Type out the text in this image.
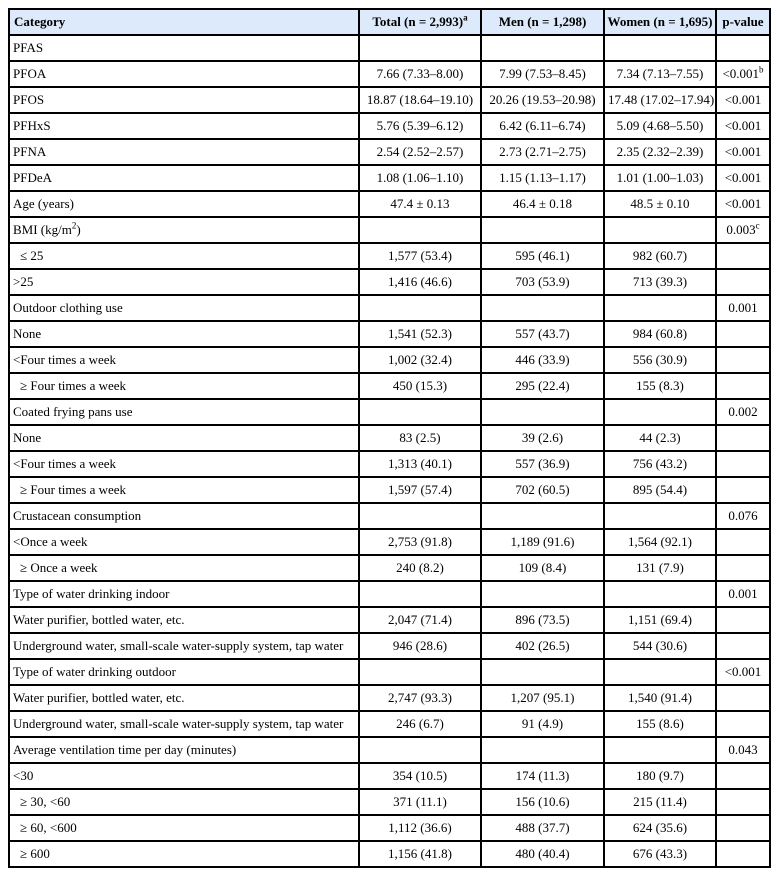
Category	Total (n = 2,993)$^a$	Men (n = 1,298)	Women (n = 1,695)	p-value
PFAS				
PFOA	7.66 (7.33–8.00)	7.99 (7.53–8.45)	7.34 (7.13–7.55)	<0.001$^b$
PFOS	18.87 (18.64–19.10)	20.26 (19.53–20.98)	17.48 (17.02–17.94)	<0.001
PFHxS	5.76 (5.39–6.12)	6.42 (6.11–6.74)	5.09 (4.68–5.50)	<0.001
PFNA	2.54 (2.52–2.57)	2.73 (2.71–2.75)	2.35 (2.32–2.39)	<0.001
PFDeA	1.08 (1.06–1.10)	1.15 (1.13–1.17)	1.01 (1.00–1.03)	<0.001
Age (years)	47.4 ± 0.13	46.4 ± 0.18	48.5 ± 0.10	<0.001
BMI $(kg/m^2)$				0.003$^c$
≤ 25	1,577 (53.4)	595 (46.1)	982 (60.7)	
>25	1,416 (46.6)	703 (53.9)	713 (39.3)	
Outdoor clothing use				0.001
None	1,541 (52.3)	557 (43.7)	984 (60.8)	
<Four times a week	1,002 (32.4)	446 (33.9)	556 (30.9)	
≥ Four times a week	450 (15.3)	295 (22.4)	155 (8.3)	
Coated frying pans use				0.002
None	83 (2.5)	39 (2.6)	44 (2.3)	
<Four times a week	1,313 (40.1)	557 (36.9)	756 (43.2)	
≥ Four times a week	1,597 (57.4)	702 (60.5)	895 (54.4)	
Crustacean consumption				0.076
<Once a week	2,753 (91.8)	1,189 (91.6)	1,564 (92.1)	
≥ Once a week	240 (8.2)	109 (8.4)	131 (7.9)	
Type of water drinking indoor				0.001
Water purifier, bottled water, etc.	2,047 (71.4)	896 (73.5)	1,151 (69.4)	
Underground water, small-scale water-supply system, tap water	946 (28.6)	402 (26.5)	544 (30.6)	
Type of water drinking outdoor				<0.001
Water purifier, bottled water, etc.	2,747 (93.3)	1,207 (95.1)	1,540 (91.4)	
Underground water, small-scale water-supply system, tap water	246 (6.7)	91 (4.9)	155 (8.6)	
Average ventilation time per day (minutes)				0.043
<30	354 (10.5)	174 (11.3)	180 (9.7)	
≥ 30, <60	371 (11.1)	156 (10.6)	215 (11.4)	
≥ 60, <600	1,112 (36.6)	488 (37.7)	624 (35.6)	
≥ 600	1,156 (41.8)	480 (40.4)	676 (43.3)	
